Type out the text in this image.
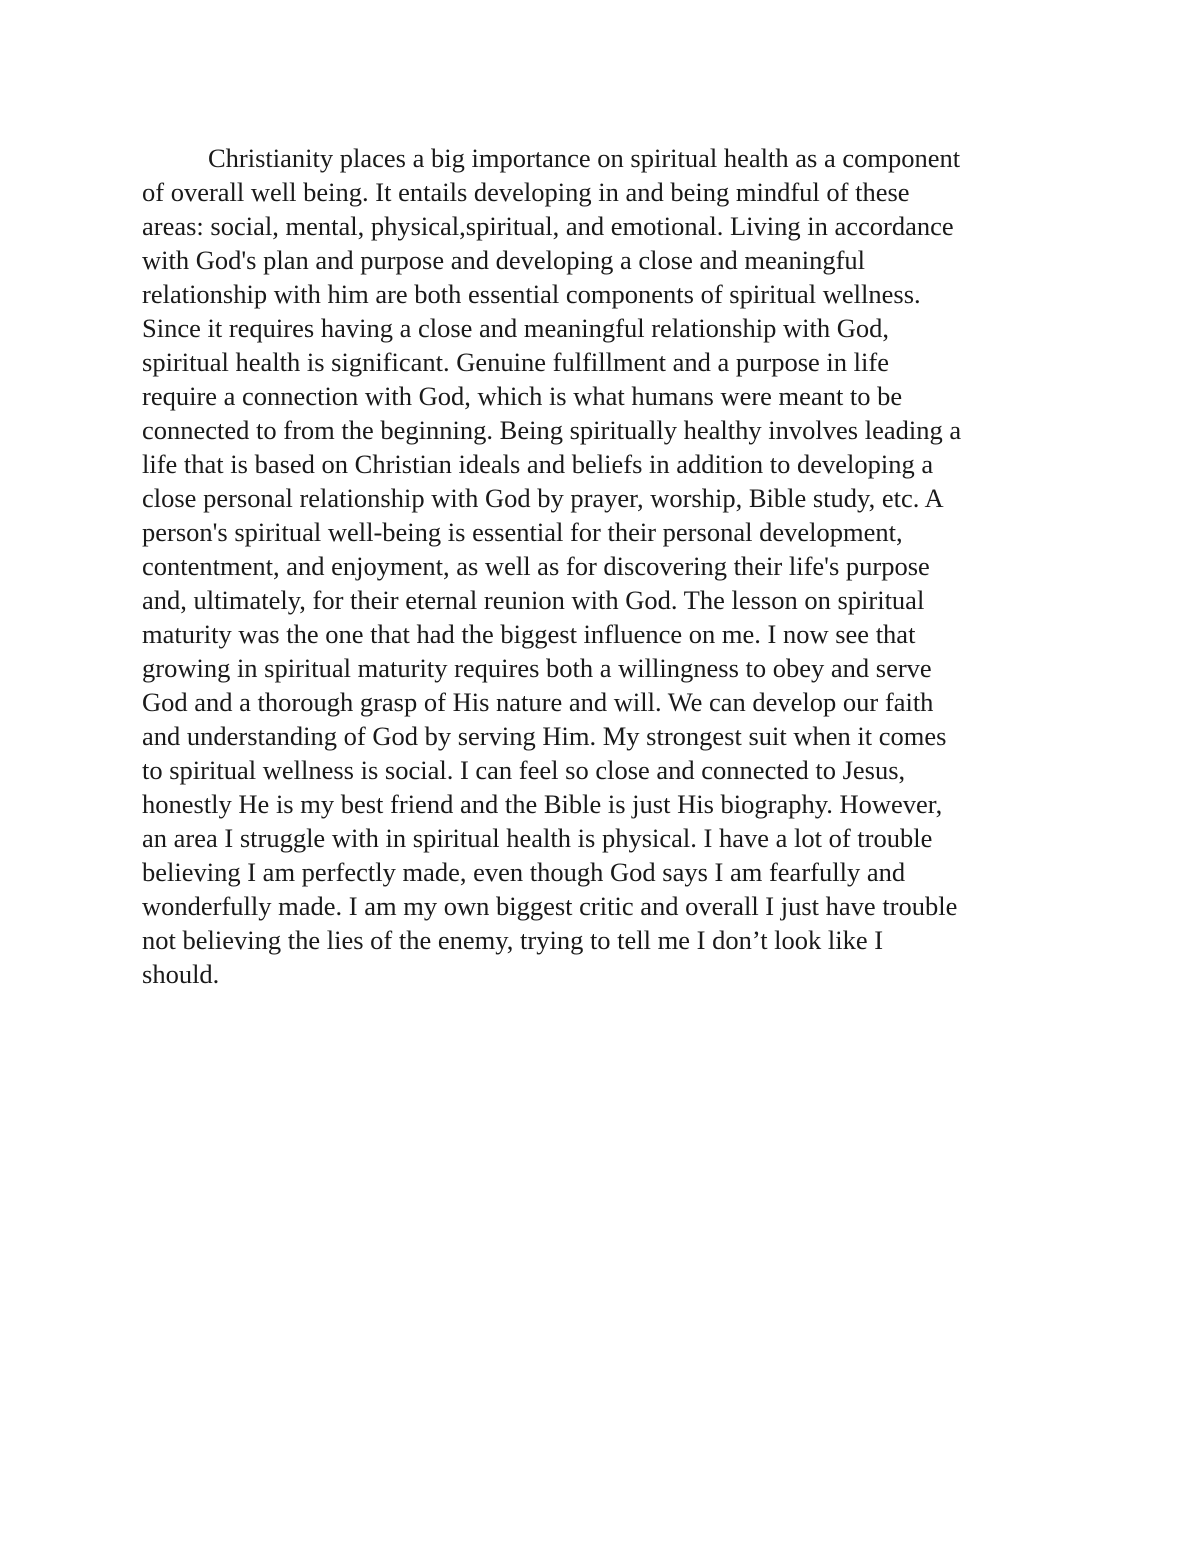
Christianity places a big importance on spiritual health as a component
of overall well being. It entails developing in and being mindful of these
areas: social, mental, physical,spiritual, and emotional. Living in accordance
with God's plan and purpose and developing a close and meaningful
relationship with him are both essential components of spiritual wellness.
Since it requires having a close and meaningful relationship with God,
spiritual health is significant. Genuine fulfillment and a purpose in life
require a connection with God, which is what humans were meant to be
connected to from the beginning. Being spiritually healthy involves leading a
life that is based on Christian ideals and beliefs in addition to developing a
close personal relationship with God by prayer, worship, Bible study, etc. A
person's spiritual well-being is essential for their personal development,
contentment, and enjoyment, as well as for discovering their life's purpose
and, ultimately, for their eternal reunion with God. The lesson on spiritual
maturity was the one that had the biggest influence on me. I now see that
growing in spiritual maturity requires both a willingness to obey and serve
God and a thorough grasp of His nature and will. We can develop our faith
and understanding of God by serving Him. My strongest suit when it comes
to spiritual wellness is social. I can feel so close and connected to Jesus,
honestly He is my best friend and the Bible is just His biography. However,
an area I struggle with in spiritual health is physical. I have a lot of trouble
believing I am perfectly made, even though God says I am fearfully and
wonderfully made. I am my own biggest critic and overall I just have trouble
not believing the lies of the enemy, trying to tell me I don’t look like I
should.
